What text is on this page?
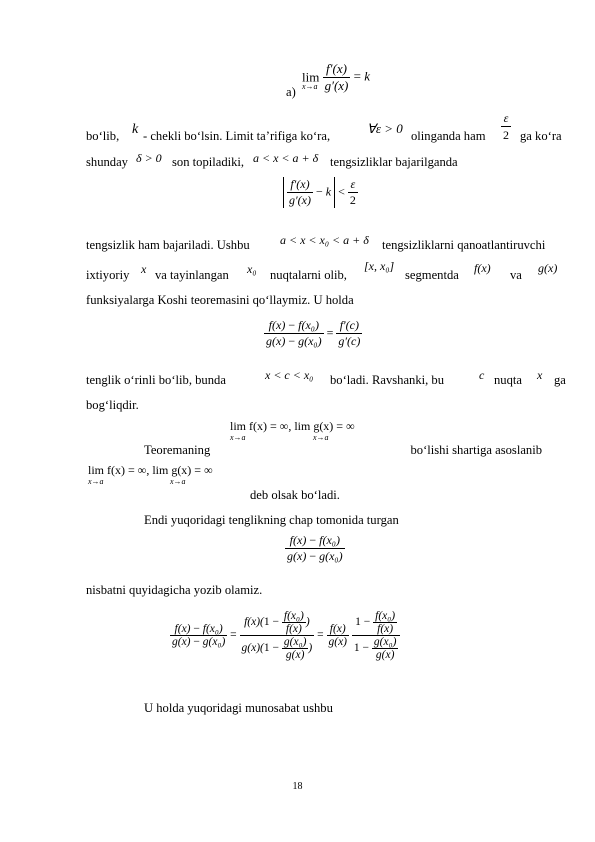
$\lim \frac{f'(x)}{g'(x)} = k$
x→a
a)
bo‘lib, k - chekli bo‘lsin. Limit ta’rifiga ko‘ra,	∀ε > 0 olinganda ham $\frac{\varepsilon}{2}$ ga ko‘ra
shunday δ > 0 son topiladiki, a < x < a + δ tengsizliklar bajarilganda
$\frac{f'(x)}{g'(x)} - k < \frac{\varepsilon}{2}$
tengsizlik ham bajariladi. Ushbu	a < x < x₀ < a + δ tengsizliklarni qanoatlantiruvchi
ixtiyoriy x va tayinlangan x₀ nuqtalarni olib,
[x, x₀]
segmentda f(x) va g(x)
funksiyalarga Koshi teoremasini qo‘llaymiz. U holda
$\frac{\text{f(x) − f(x₀)}}{\text{g(x) − g(x₀)}} = \frac{f'(c)}{g'(c)}$
tenglik o‘rinli bo‘lib, bunda	x < c < x₀ bo‘ladi. Ravshanki, bu	c nuqta x ga
bog‘liqdir.
lim f(x) = ∞, lim g(x) = ∞
x→a	x→a
Teoremaning	bo‘lishi shartiga asoslanib
lim f(x) = ∞, lim g(x) = ∞
x→a	x→a
deb olsak bo‘ladi.
Endi yuqoridagi tenglikning chap tomonida turgan
$\frac{\text{f(x) − f(x₀)}}{\text{g(x) − g(x₀)}}$
nisbatni quyidagicha yozib olamiz.
$\frac{\text{f(x) − f(x₀)}}{\text{g(x) − g(x₀)}} = \frac{f(x)(1 - \frac{\text{f(x₀)}}{f(x)} )}{g(x)(1 - \frac{\text{g(x₀)}}{g(x)} )} = \frac{f(x)}{g(x)}$
$\frac{1 - \frac{\text{f(x₀)}}{f(x)}}{1 - \frac{\text{g(x₀)}}{g(x)}}$
U holda yuqoridagi munosabat ushbu
18
